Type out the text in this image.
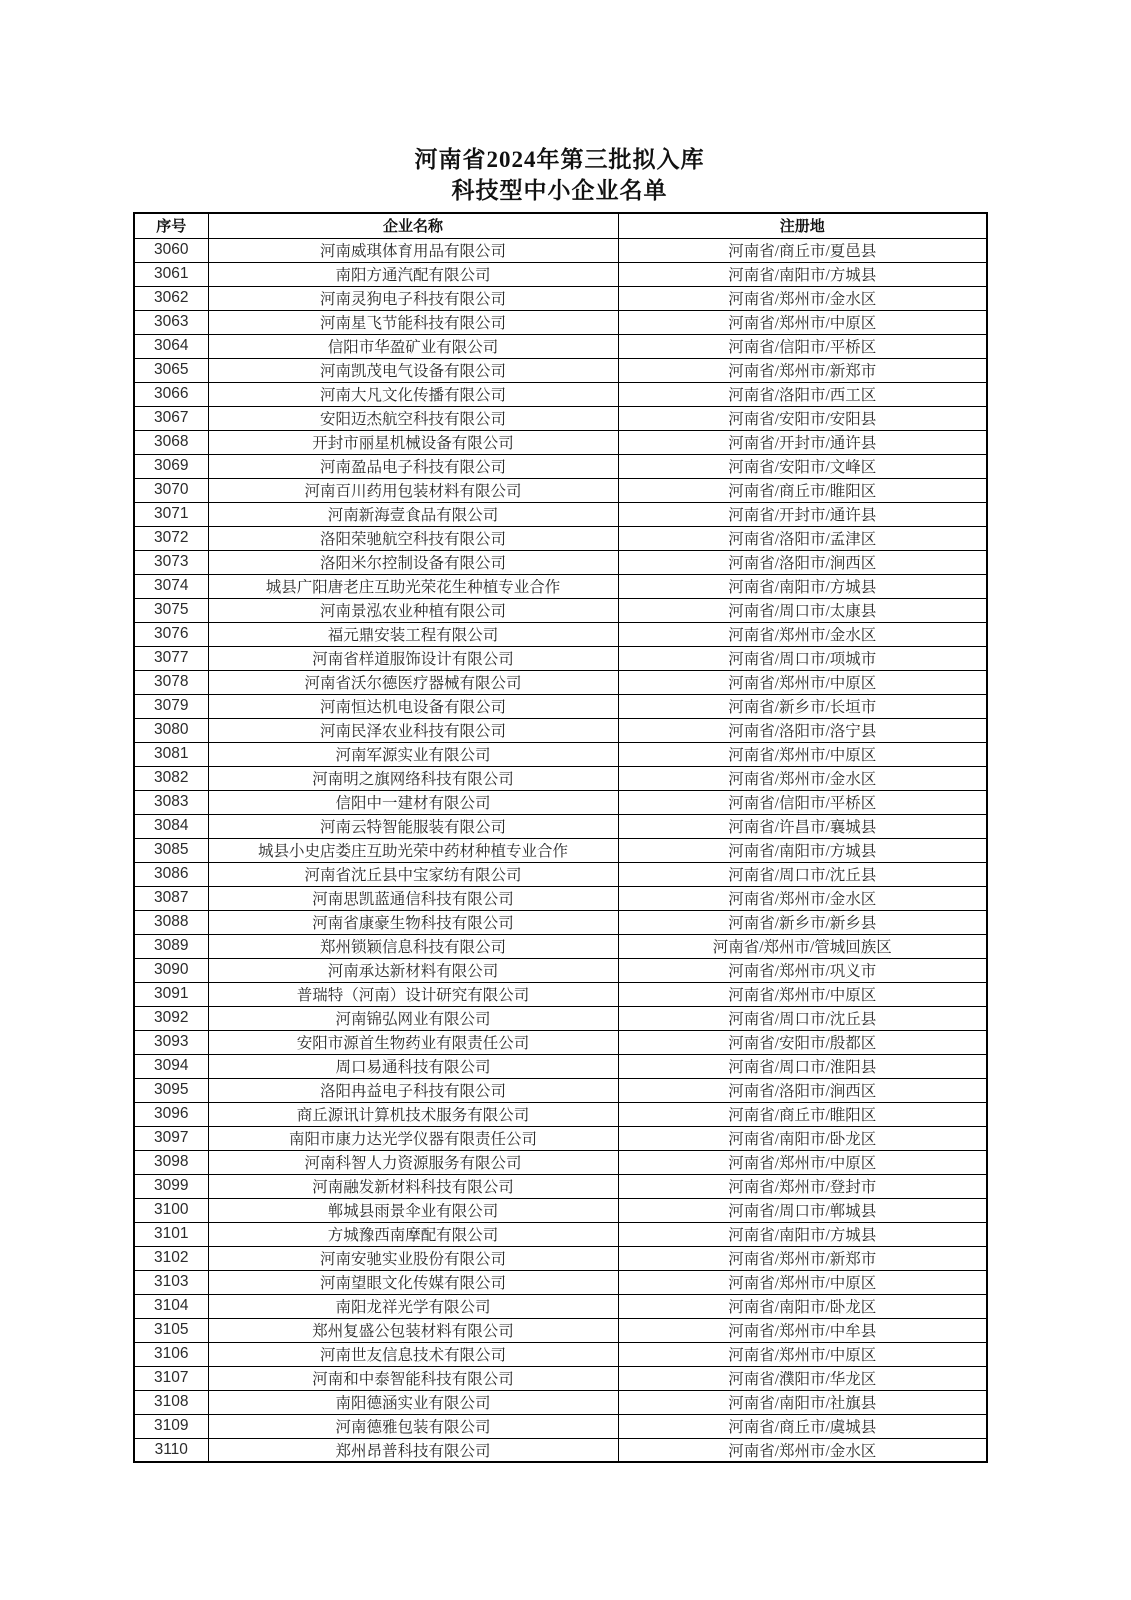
河南省2024年第三批拟入库
科技型中小企业名单
序号	企业名称	注册地
3060	河南威琪体育用品有限公司	河南省/商丘市/夏邑县
3061	南阳方通汽配有限公司	河南省/南阳市/方城县
3062	河南灵狗电子科技有限公司	河南省/郑州市/金水区
3063	河南星飞节能科技有限公司	河南省/郑州市/中原区
3064	信阳市华盈矿业有限公司	河南省/信阳市/平桥区
3065	河南凯茂电气设备有限公司	河南省/郑州市/新郑市
3066	河南大凡文化传播有限公司	河南省/洛阳市/西工区
3067	安阳迈杰航空科技有限公司	河南省/安阳市/安阳县
3068	开封市丽星机械设备有限公司	河南省/开封市/通许县
3069	河南盈品电子科技有限公司	河南省/安阳市/文峰区
3070	河南百川药用包装材料有限公司	河南省/商丘市/睢阳区
3071	河南新海壹食品有限公司	河南省/开封市/通许县
3072	洛阳荣驰航空科技有限公司	河南省/洛阳市/孟津区
3073	洛阳米尔控制设备有限公司	河南省/洛阳市/涧西区
3074	城县广阳唐老庄互助光荣花生种植专业合作	河南省/南阳市/方城县
3075	河南景泓农业种植有限公司	河南省/周口市/太康县
3076	福元鼎安装工程有限公司	河南省/郑州市/金水区
3077	河南省样道服饰设计有限公司	河南省/周口市/项城市
3078	河南省沃尔德医疗器械有限公司	河南省/郑州市/中原区
3079	河南恒达机电设备有限公司	河南省/新乡市/长垣市
3080	河南民泽农业科技有限公司	河南省/洛阳市/洛宁县
3081	河南军源实业有限公司	河南省/郑州市/中原区
3082	河南明之旗网络科技有限公司	河南省/郑州市/金水区
3083	信阳中一建材有限公司	河南省/信阳市/平桥区
3084	河南云特智能服装有限公司	河南省/许昌市/襄城县
3085	城县小史店娄庄互助光荣中药材种植专业合作	河南省/南阳市/方城县
3086	河南省沈丘县中宝家纺有限公司	河南省/周口市/沈丘县
3087	河南思凯蓝通信科技有限公司	河南省/郑州市/金水区
3088	河南省康豪生物科技有限公司	河南省/新乡市/新乡县
3089	郑州锁颖信息科技有限公司	河南省/郑州市/管城回族区
3090	河南承达新材料有限公司	河南省/郑州市/巩义市
3091	普瑞特（河南）设计研究有限公司	河南省/郑州市/中原区
3092	河南锦弘网业有限公司	河南省/周口市/沈丘县
3093	安阳市源首生物药业有限责任公司	河南省/安阳市/殷都区
3094	周口易通科技有限公司	河南省/周口市/淮阳县
3095	洛阳冉益电子科技有限公司	河南省/洛阳市/涧西区
3096	商丘源讯计算机技术服务有限公司	河南省/商丘市/睢阳区
3097	南阳市康力达光学仪器有限责任公司	河南省/南阳市/卧龙区
3098	河南科智人力资源服务有限公司	河南省/郑州市/中原区
3099	河南融发新材料科技有限公司	河南省/郑州市/登封市
3100	郸城县雨景伞业有限公司	河南省/周口市/郸城县
3101	方城豫西南摩配有限公司	河南省/南阳市/方城县
3102	河南安驰实业股份有限公司	河南省/郑州市/新郑市
3103	河南望眼文化传媒有限公司	河南省/郑州市/中原区
3104	南阳龙祥光学有限公司	河南省/南阳市/卧龙区
3105	郑州复盛公包装材料有限公司	河南省/郑州市/中牟县
3106	河南世友信息技术有限公司	河南省/郑州市/中原区
3107	河南和中泰智能科技有限公司	河南省/濮阳市/华龙区
3108	南阳德涵实业有限公司	河南省/南阳市/社旗县
3109	河南德雅包装有限公司	河南省/商丘市/虞城县
3110	郑州昂普科技有限公司	河南省/郑州市/金水区
